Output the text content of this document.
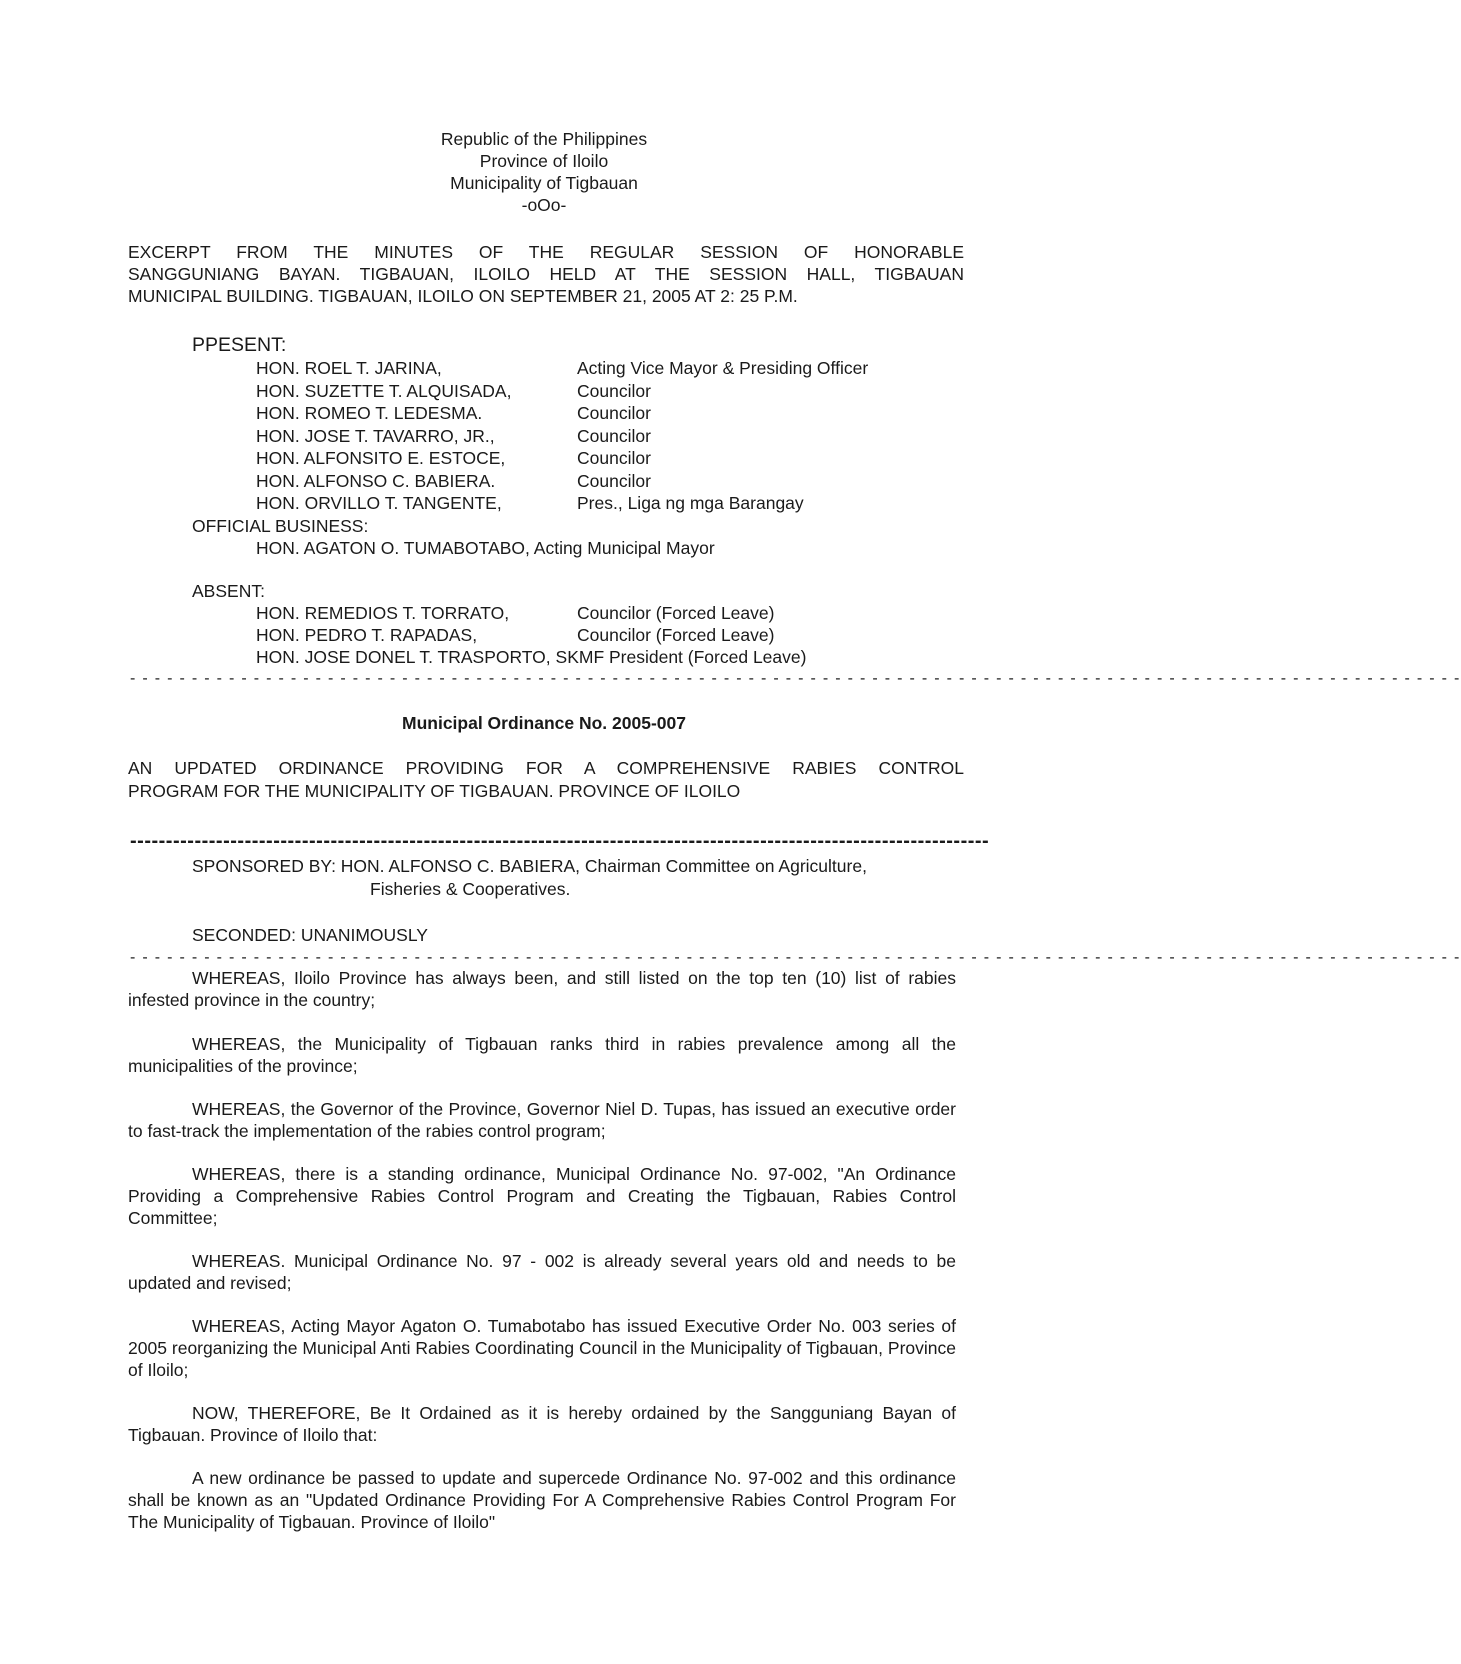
Republic of the Philippines
Province of Iloilo
Municipality of Tigbauan
-oOo-
EXCERPT FROM THE MINUTES OF THE REGULAR SESSION OF HONORABLE
SANGGUNIANG BAYAN. TIGBAUAN, ILOILO HELD AT THE SESSION HALL, TIGBAUAN
MUNICIPAL BUILDING. TIGBAUAN, ILOILO ON SEPTEMBER 21, 2005 AT 2: 25 P.M.
PPESENT:
HON. ROEL T. JARINA,	Acting Vice Mayor & Presiding Officer
HON. SUZETTE T. ALQUISADA,	Councilor
HON. ROMEO T. LEDESMA.	Councilor
HON. JOSE T. TAVARRO, JR.,	Councilor
HON. ALFONSITO E. ESTOCE,	Councilor
HON. ALFONSO C. BABIERA.	Councilor
HON. ORVILLO T. TANGENTE,	Pres., Liga ng mga Barangay
OFFICIAL BUSINESS:
HON. AGATON O. TUMABOTABO, Acting Municipal Mayor
ABSENT:
HON. REMEDIOS T. TORRATO,	Councilor (Forced Leave)
HON. PEDRO T. RAPADAS,	Councilor (Forced Leave)
HON. JOSE DONEL T. TRASPORTO, SKMF President (Forced Leave)
- - - - - - - - - - - - - - - - - - - - - - - - - - - - - - - - - - - - - - - - - - - - - - - - - - - - - - - - - - - - - - - - - - - - - - - - - - - - - - - - - - - - - - - - - - - - - - - - - - - - - - - - - - - -
Municipal Ordinance No. 2005-007
AN UPDATED ORDINANCE PROVIDING FOR A COMPREHENSIVE RABIES CONTROL
PROGRAM FOR THE MUNICIPALITY OF TIGBAUAN. PROVINCE OF ILOILO
------------------------------------------------------------------------------------------------------------------------
SPONSORED BY: HON. ALFONSO C. BABIERA, Chairman Committee on Agriculture,
Fisheries & Cooperatives.
SECONDED: UNANIMOUSLY
- - - - - - - - - - - - - - - - - - - - - - - - - - - - - - - - - - - - - - - - - - - - - - - - - - - - - - - - - - - - - - - - - - - - - - - - - - - - - - - - - - - - - - - - - - - - - - - - - - - - - - - - - - - -

WHEREAS, Iloilo Province has always been, and still listed on the top ten (10) list of rabies infested province in the country;

WHEREAS, the Municipality of Tigbauan ranks third in rabies prevalence among all the municipalities of the province;

WHEREAS, the Governor of the Province, Governor Niel D. Tupas, has issued an executive order to fast-track the implementation of the rabies control program;

WHEREAS, there is a standing ordinance, Municipal Ordinance No. 97-002, "An Ordinance Providing a Comprehensive Rabies Control Program and Creating the Tigbauan, Rabies Control Committee;

WHEREAS. Municipal Ordinance No. 97 - 002 is already several years old and needs to be updated and revised;

WHEREAS, Acting Mayor Agaton O. Tumabotabo has issued Executive Order No. 003 series of 2005 reorganizing the Municipal Anti Rabies Coordinating Council in the Municipality of Tigbauan, Province of Iloilo;

NOW, THEREFORE, Be It Ordained as it is hereby ordained by the Sangguniang Bayan of Tigbauan. Province of Iloilo that:

A new ordinance be passed to update and supercede Ordinance No. 97-002 and this ordinance shall be known as an "Updated Ordinance Providing For A Comprehensive Rabies Control Program For The Municipality of Tigbauan. Province of Iloilo"
